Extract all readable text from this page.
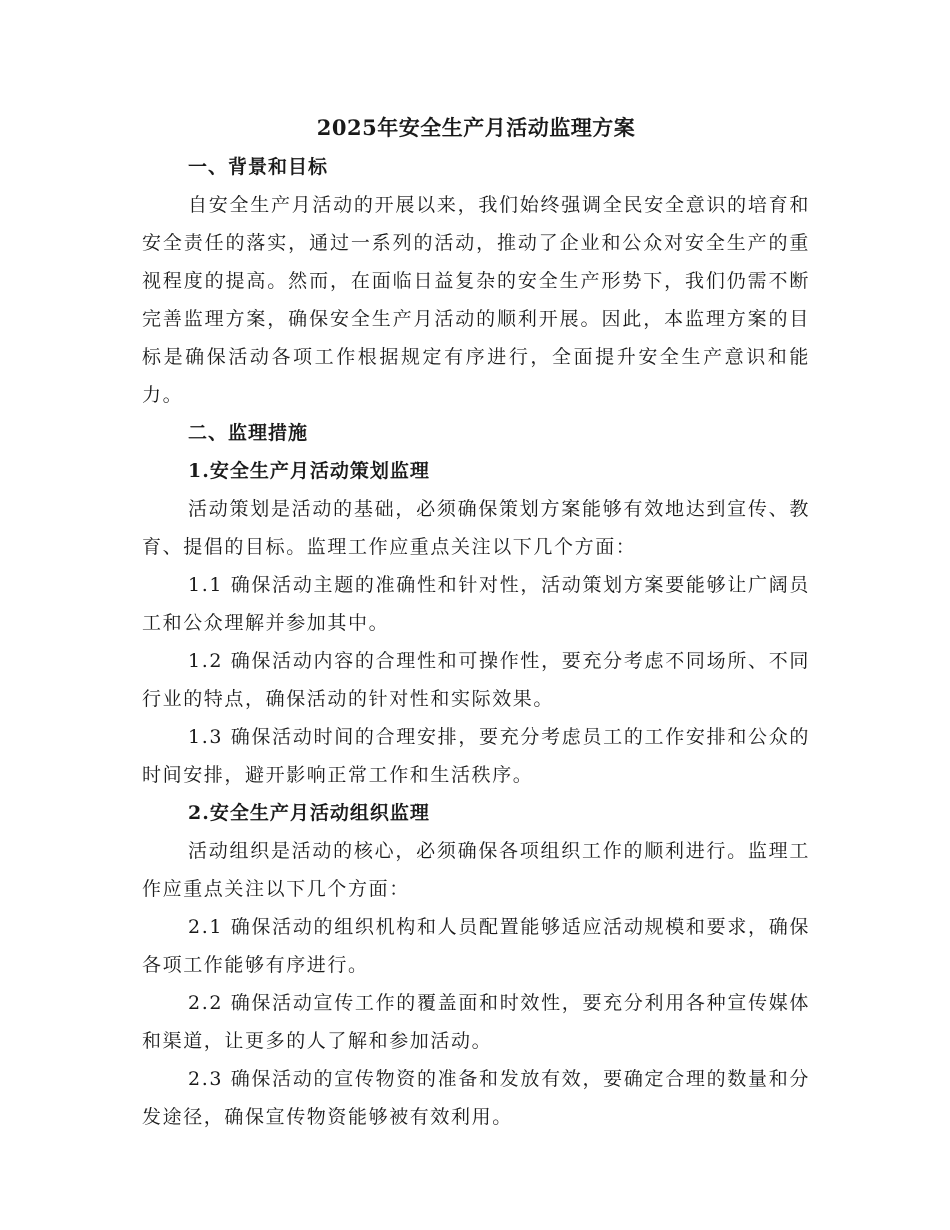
2025年安全生产月活动监理方案
一、背景和目标

自安全生产月活动的开展以来，我们始终强调全民安全意识的培育和安全责任的落实，通过一系列的活动，推动了企业和公众对安全生产的重视程度的提高。然而，在面临日益复杂的安全生产形势下，我们仍需不断完善监理方案，确保安全生产月活动的顺利开展。因此，本监理方案的目标是确保活动各项工作根据规定有序进行，全面提升安全生产意识和能力。

二、监理措施
1.安全生产月活动策划监理

活动策划是活动的基础，必须确保策划方案能够有效地达到宣传、教育、提倡的目标。监理工作应重点关注以下几个方面：

1.1 确保活动主题的准确性和针对性，活动策划方案要能够让广阔员工和公众理解并参加其中。

1.2 确保活动内容的合理性和可操作性，要充分考虑不同场所、不同行业的特点，确保活动的针对性和实际效果。

1.3 确保活动时间的合理安排，要充分考虑员工的工作安排和公众的时间安排，避开影响正常工作和生活秩序。

2.安全生产月活动组织监理

活动组织是活动的核心，必须确保各项组织工作的顺利进行。监理工作应重点关注以下几个方面：

2.1 确保活动的组织机构和人员配置能够适应活动规模和要求，确保各项工作能够有序进行。

2.2 确保活动宣传工作的覆盖面和时效性，要充分利用各种宣传媒体和渠道，让更多的人了解和参加活动。

2.3 确保活动的宣传物资的准备和发放有效，要确定合理的数量和分发途径，确保宣传物资能够被有效利用。
